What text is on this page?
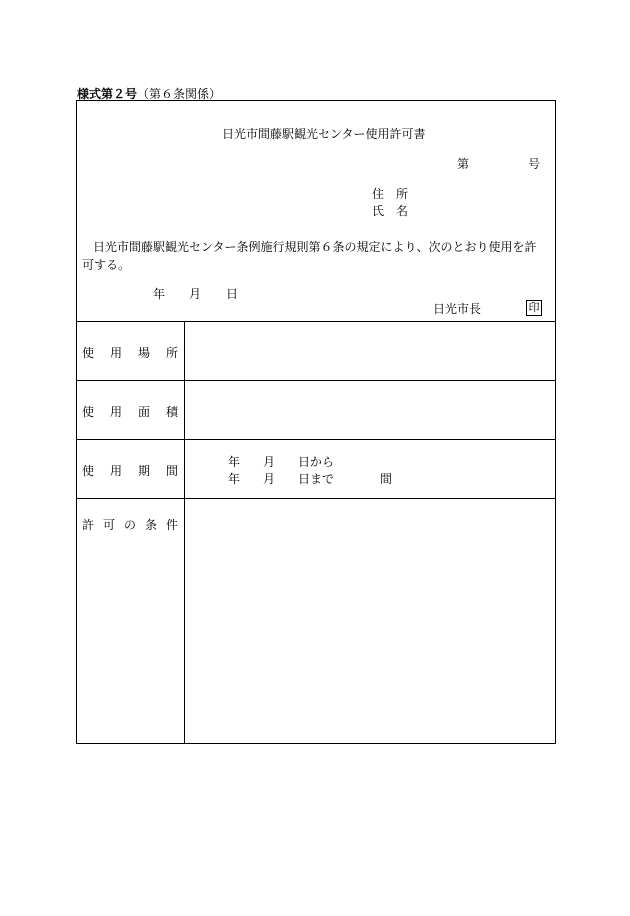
様式第２号（第６条関係）
日光市間藤駅観光センター使用許可書
第	号
住　所
氏　名
日光市間藤駅観光センター条例施行規則第６条の規定により、次のとおり使用を許
可する。
年 月 日
日光市長	印
使 用 場 所
使 用 面 積
使 用 期 間
年 月 日から
年 月 日まで	間
許 可 の 条 件
